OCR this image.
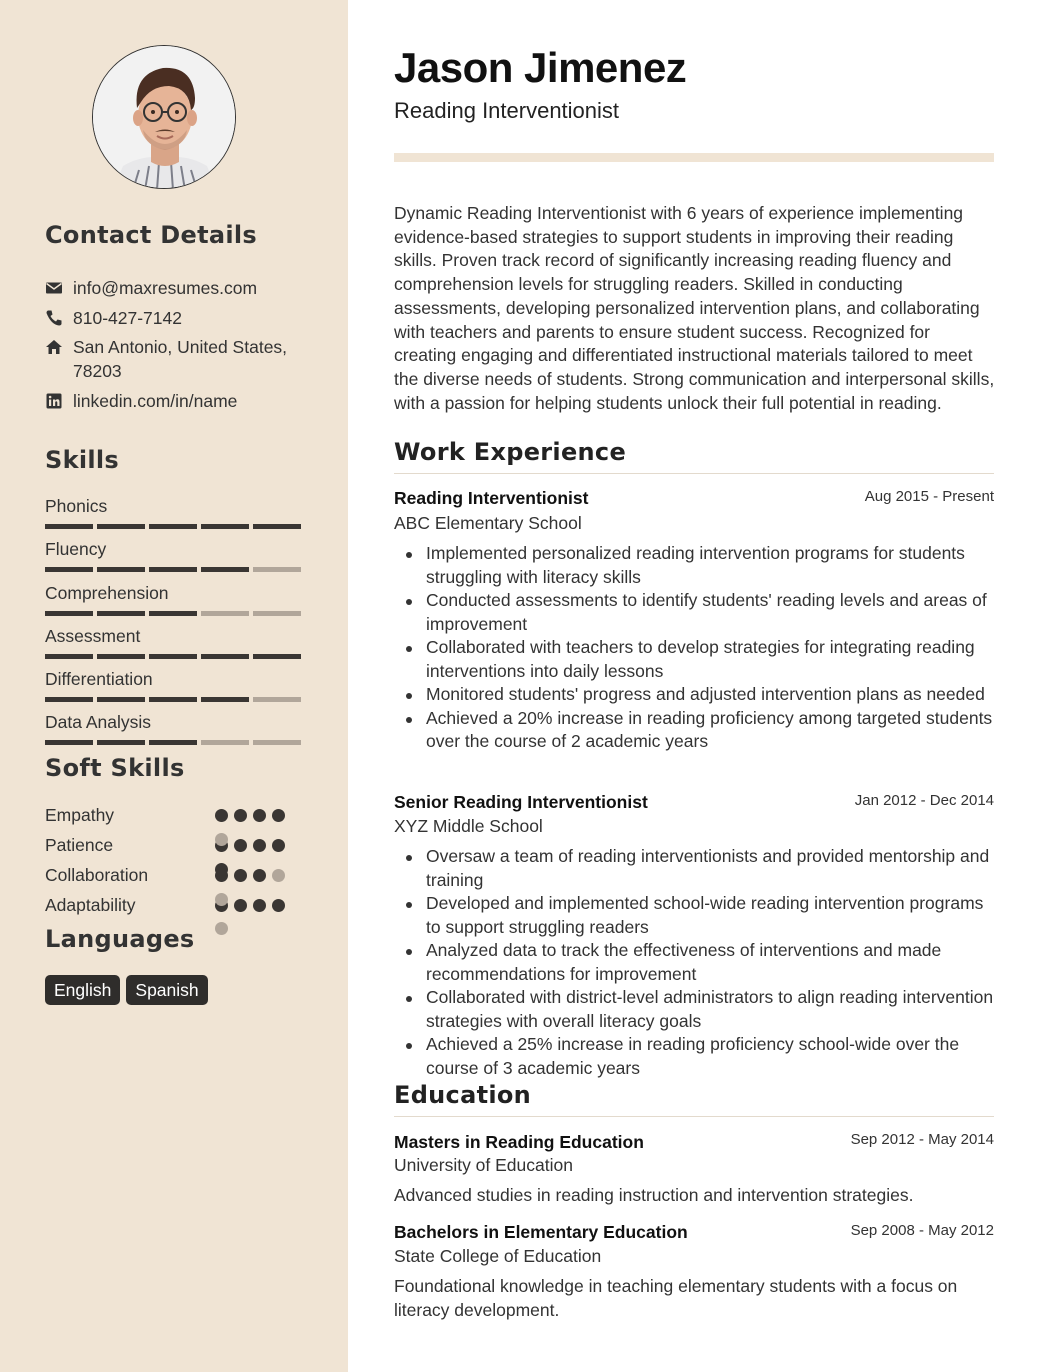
Contact Details
info@maxresumes.com
810-427-7142
San Antonio, United States, 78203
linkedin.com/in/name
Skills
Phonics
Fluency
Comprehension
Assessment
Differentiation
Data Analysis
Soft Skills
Empathy
Patience
Collaboration
Adaptability
Languages
English	Spanish
Jason Jimenez
Reading Interventionist
Dynamic Reading Interventionist with 6 years of experience implementing evidence-based strategies to support students in improving their reading skills. Proven track record of significantly increasing reading fluency and comprehension levels for struggling readers. Skilled in conducting assessments, developing personalized intervention plans, and collaborating with teachers and parents to ensure student success. Recognized for creating engaging and differentiated instructional materials tailored to meet the diverse needs of students. Strong communication and interpersonal skills, with a passion for helping students unlock their full potential in reading.
Work Experience
Reading Interventionist	Aug 2015 - Present
ABC Elementary School
Implemented personalized reading intervention programs for students struggling with literacy skills
Conducted assessments to identify students' reading levels and areas of improvement
Collaborated with teachers to develop strategies for integrating reading interventions into daily lessons
Monitored students' progress and adjusted intervention plans as needed
Achieved a 20% increase in reading proficiency among targeted students over the course of 2 academic years
Senior Reading Interventionist	Jan 2012 - Dec 2014
XYZ Middle School
Oversaw a team of reading interventionists and provided mentorship and training
Developed and implemented school-wide reading intervention programs to support struggling readers
Analyzed data to track the effectiveness of interventions and made recommendations for improvement
Collaborated with district-level administrators to align reading intervention strategies with overall literacy goals
Achieved a 25% increase in reading proficiency school-wide over the course of 3 academic years
Education
Masters in Reading Education	Sep 2012 - May 2014
University of Education
Advanced studies in reading instruction and intervention strategies.
Bachelors in Elementary Education	Sep 2008 - May 2012
State College of Education
Foundational knowledge in teaching elementary students with a focus on literacy development.
